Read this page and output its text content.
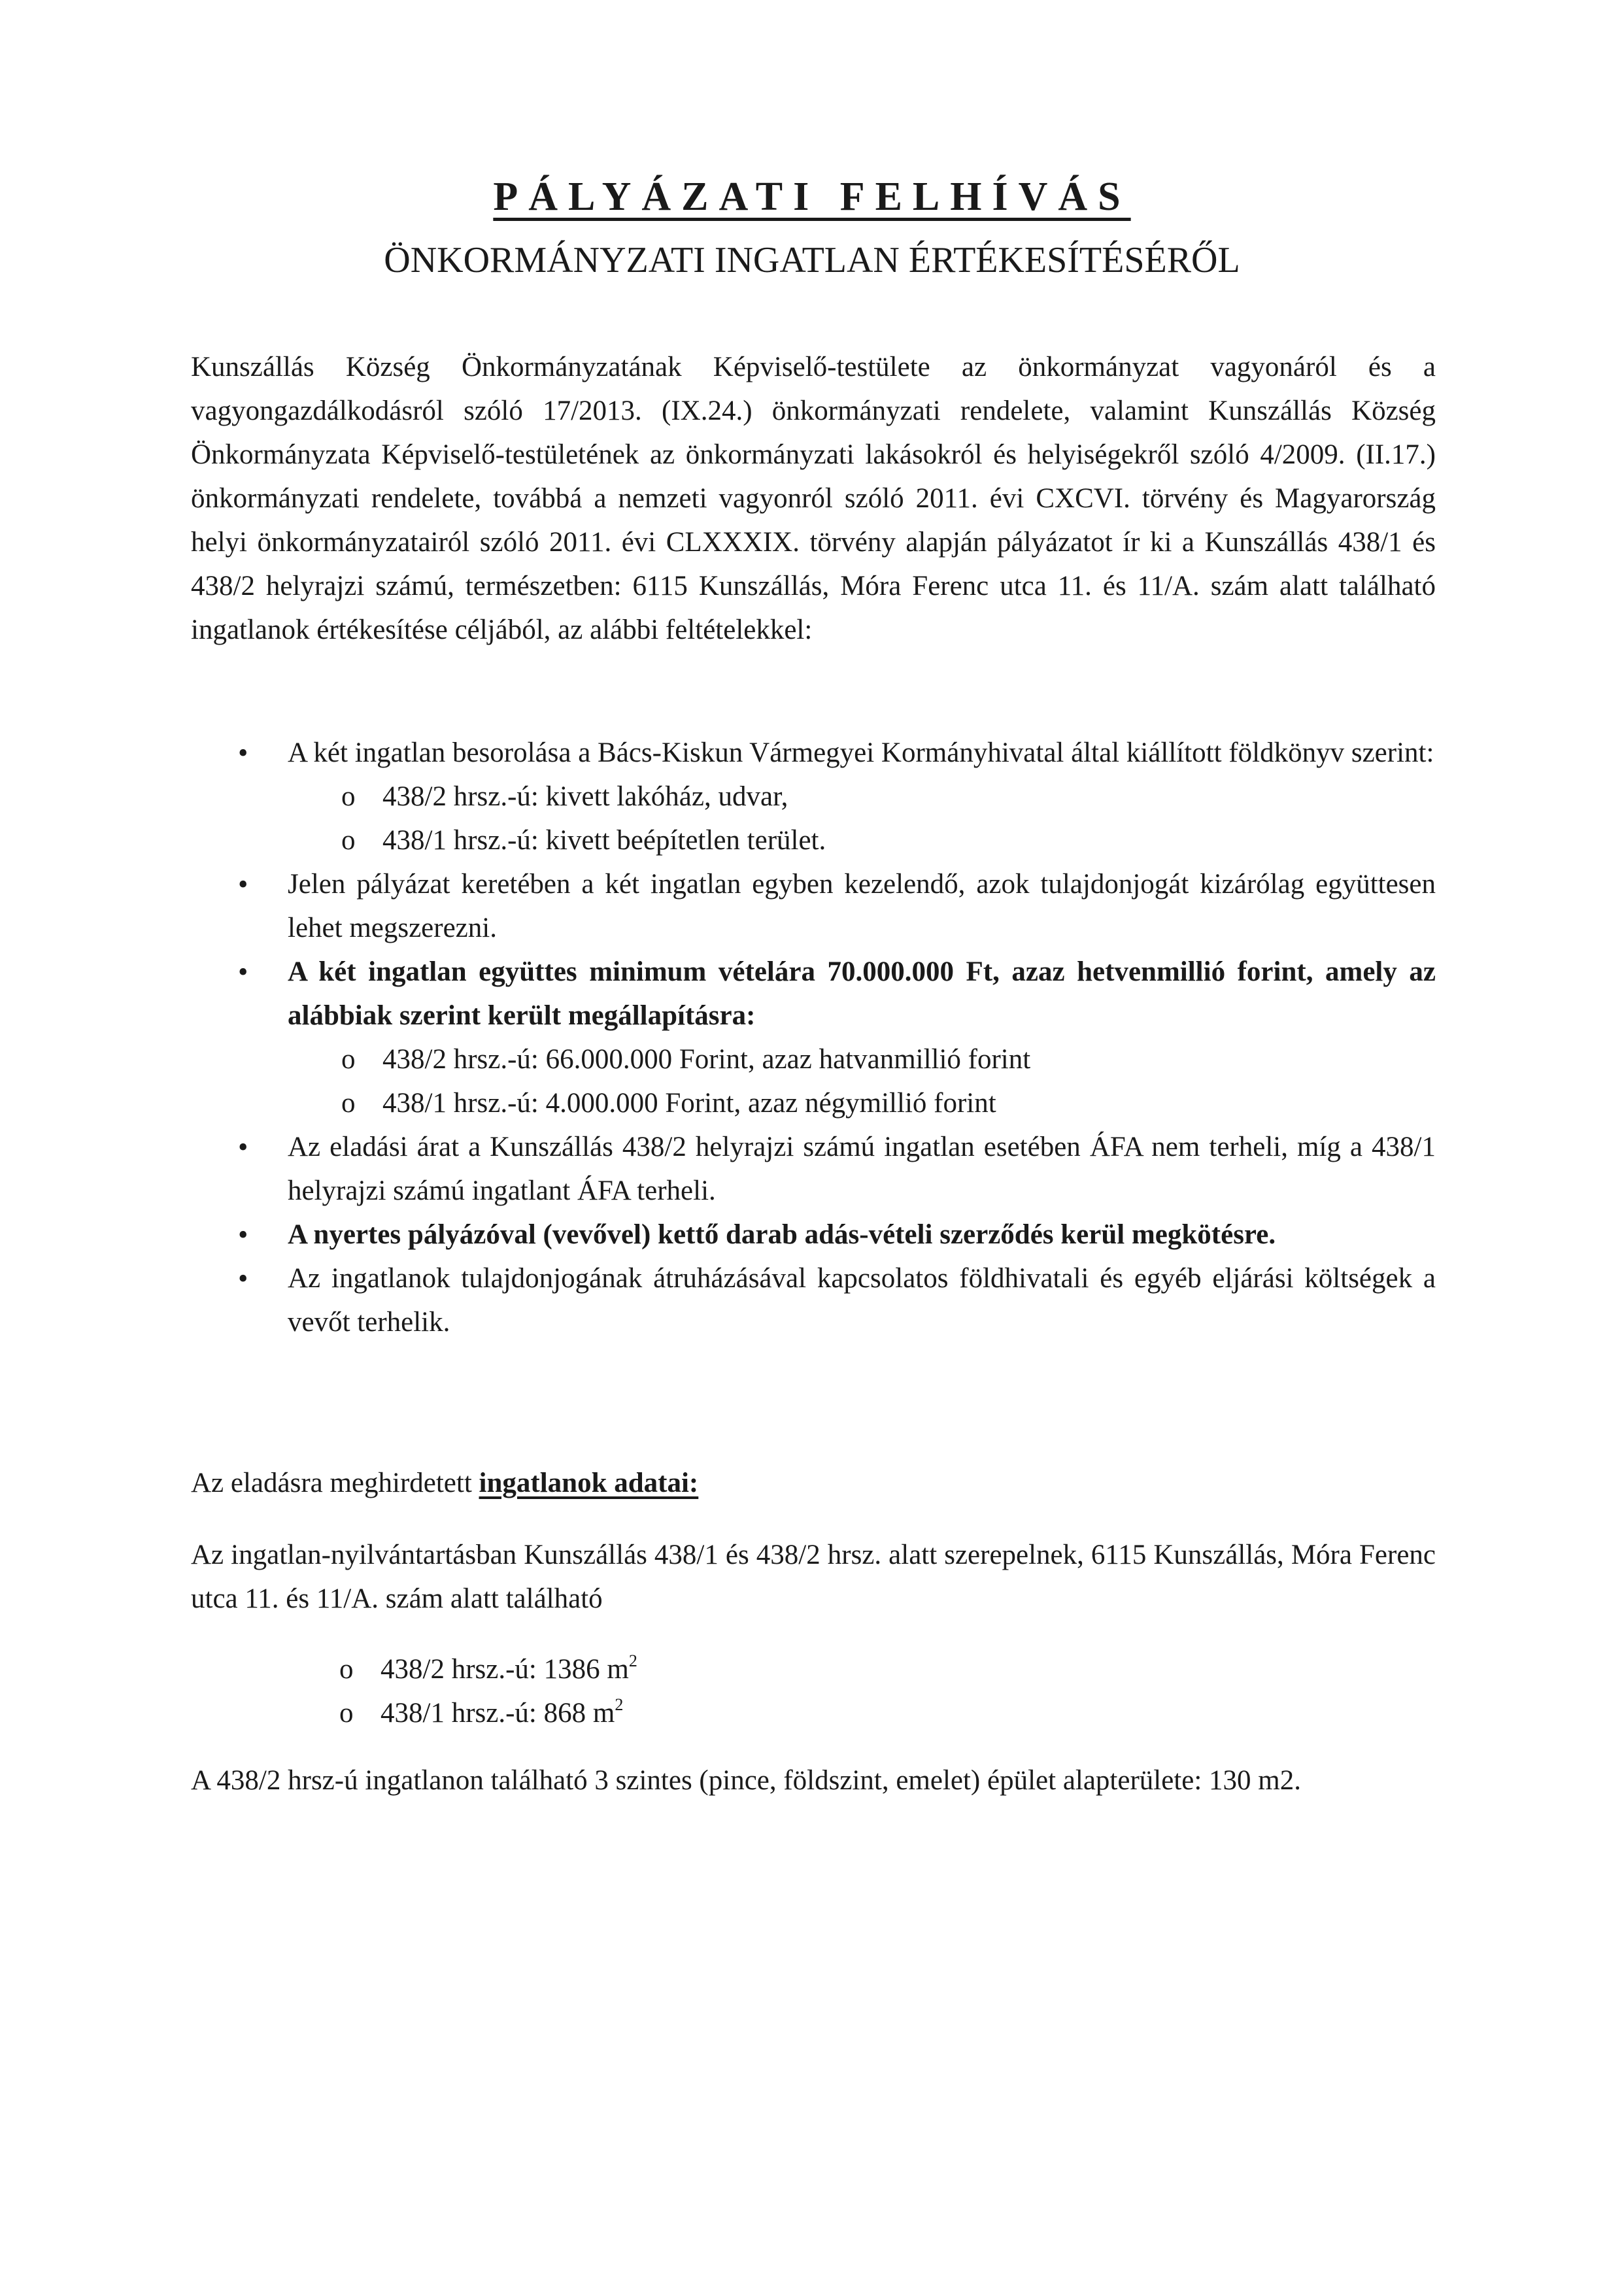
PÁLYÁZATI FELHÍVÁS
ÖNKORMÁNYZATI INGATLAN ÉRTÉKESÍTÉSÉRŐL
Kunszállás Község Önkormányzatának Képviselő-testülete az önkormányzat vagyonáról és a vagyongazdálkodásról szóló 17/2013. (IX.24.) önkormányzati rendelete, valamint Kunszállás Község Önkormányzata Képviselő-testületének az önkormányzati lakásokról és helyiségekről szóló 4/2009. (II.17.) önkormányzati rendelete, továbbá a nemzeti vagyonról szóló 2011. évi CXCVI. törvény és Magyarország helyi önkormányzatairól szóló 2011. évi CLXXXIX. törvény alapján pályázatot ír ki a Kunszállás 438/1 és 438/2 helyrajzi számú, természetben: 6115 Kunszállás, Móra Ferenc utca 11. és 11/A. szám alatt található ingatlanok értékesítése céljából, az alábbi feltételekkel:
• A két ingatlan besorolása a Bács-Kiskun Vármegyei Kormányhivatal által kiállított földkönyv szerint:
o 438/2 hrsz.-ú: kivett lakóház, udvar,
o 438/1 hrsz.-ú: kivett beépítetlen terület.
• Jelen pályázat keretében a két ingatlan egyben kezelendő, azok tulajdonjogát kizárólag együttesen lehet megszerezni.
• A két ingatlan együttes minimum vételára 70.000.000 Ft, azaz hetvenmillió forint, amely az alábbiak szerint került megállapításra:
o 438/2 hrsz.-ú: 66.000.000 Forint, azaz hatvanmillió forint
o 438/1 hrsz.-ú: 4.000.000 Forint, azaz négymillió forint
• Az eladási árat a Kunszállás 438/2 helyrajzi számú ingatlan esetében ÁFA nem terheli, míg a 438/1 helyrajzi számú ingatlant ÁFA terheli.
• A nyertes pályázóval (vevővel) kettő darab adás-vételi szerződés kerül megkötésre.
• Az ingatlanok tulajdonjogának átruházásával kapcsolatos földhivatali és egyéb eljárási költségek a vevőt terhelik.
Az eladásra meghirdetett ingatlanok adatai:
Az ingatlan-nyilvántartásban Kunszállás 438/1 és 438/2 hrsz. alatt szerepelnek, 6115 Kunszállás, Móra Ferenc utca 11. és 11/A. szám alatt található
o 438/2 hrsz.-ú: 1386 $m^2$
o 438/1 hrsz.-ú: 868 $m^2$
A 438/2 hrsz-ú ingatlanon található 3 szintes (pince, földszint, emelet) épület alapterülete: 130 m2.
